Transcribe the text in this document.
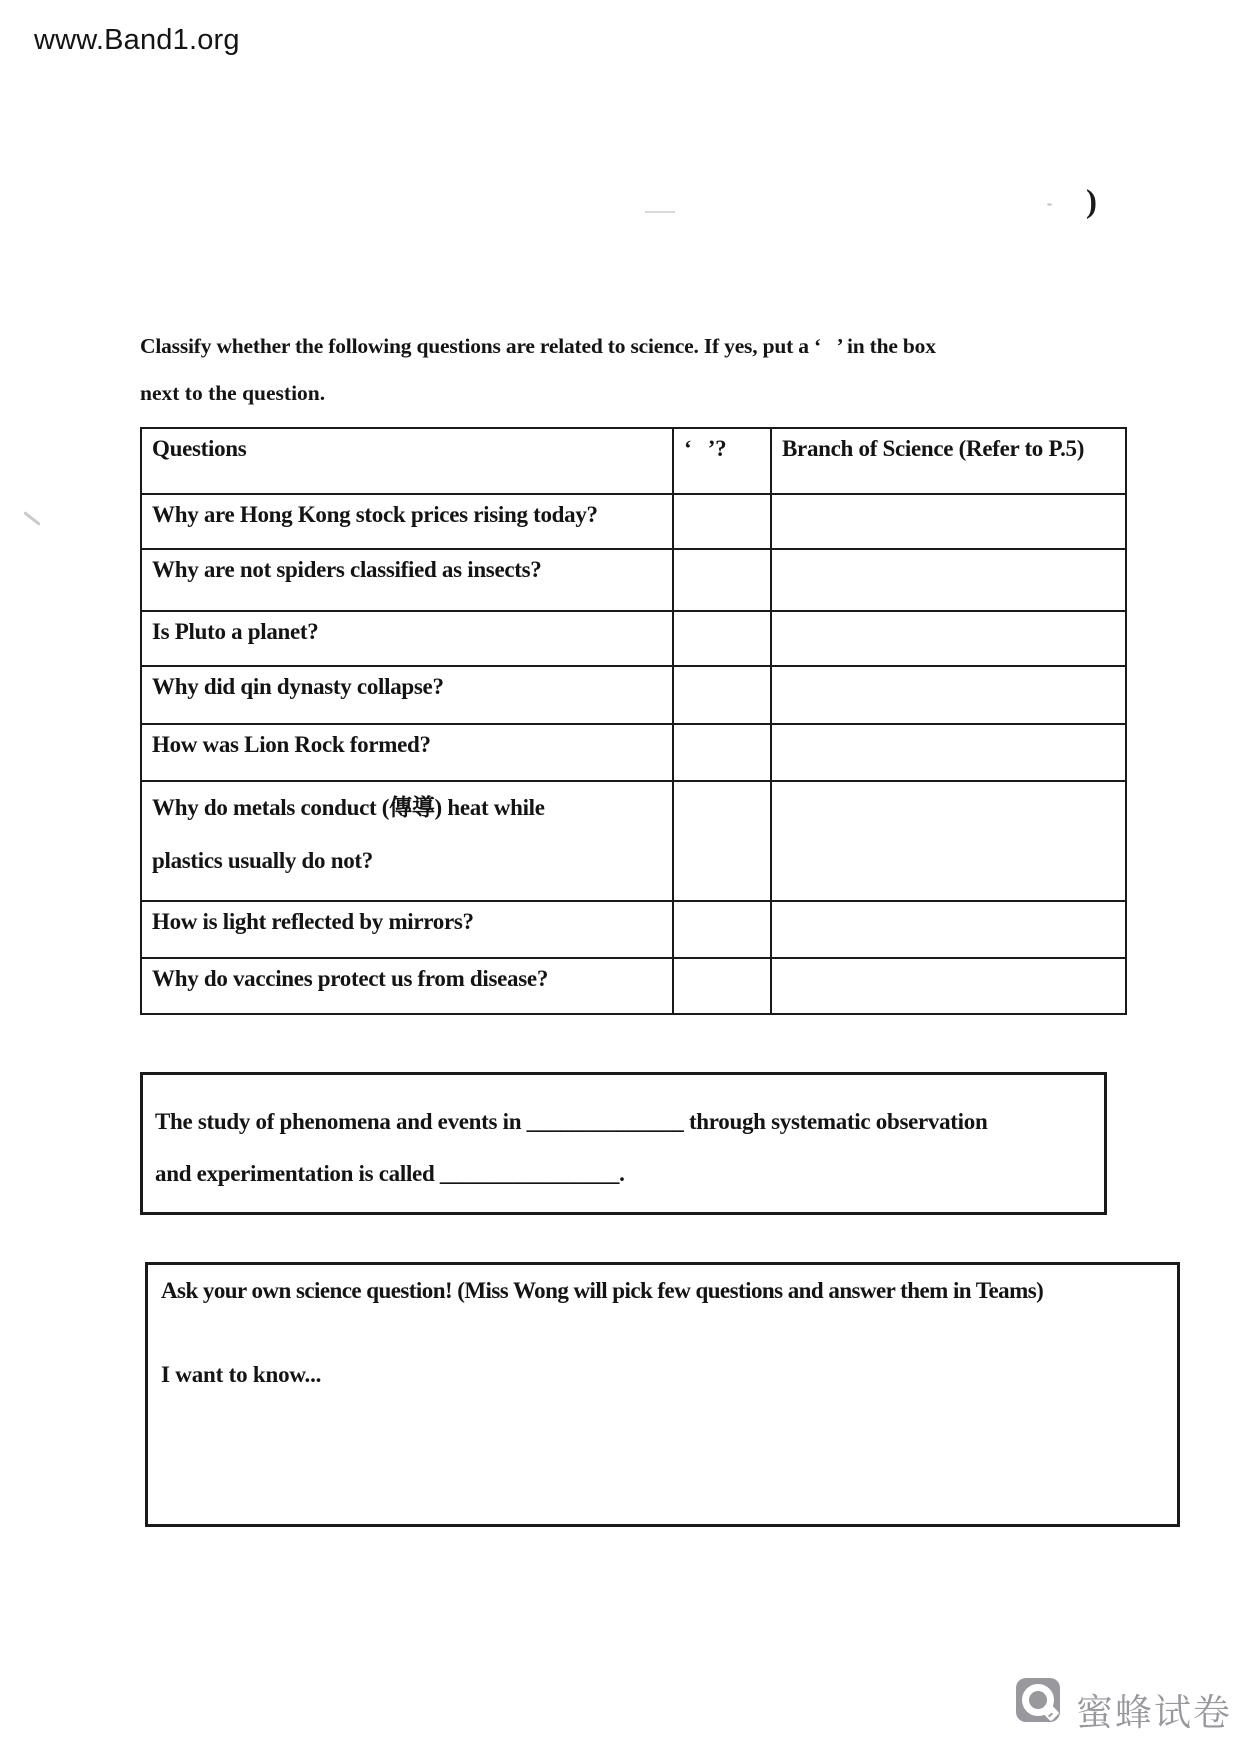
www.Band1.org
)
Classify whether the following questions are related to science. If yes, put a ‘   ’ in the box
next to the question.
Questions	‘   ’?	Branch of Science (Refer to P.5)

Why are Hong Kong stock prices rising today?		

Why are not spiders classified as insects?		

Is Pluto a planet?		

Why did qin dynasty collapse?		

How was Lion Rock formed?		

Why do metals conduct (傳導) heat while
plastics usually do not?		

How is light reflected by mirrors?		

Why do vaccines protect us from disease?		

The study of phenomena and events in ______________ through systematic observation
and experimentation is called ________________.
Ask your own science question! (Miss Wong will pick few questions and answer them in Teams)
I want to know...
蜜蜂试卷
